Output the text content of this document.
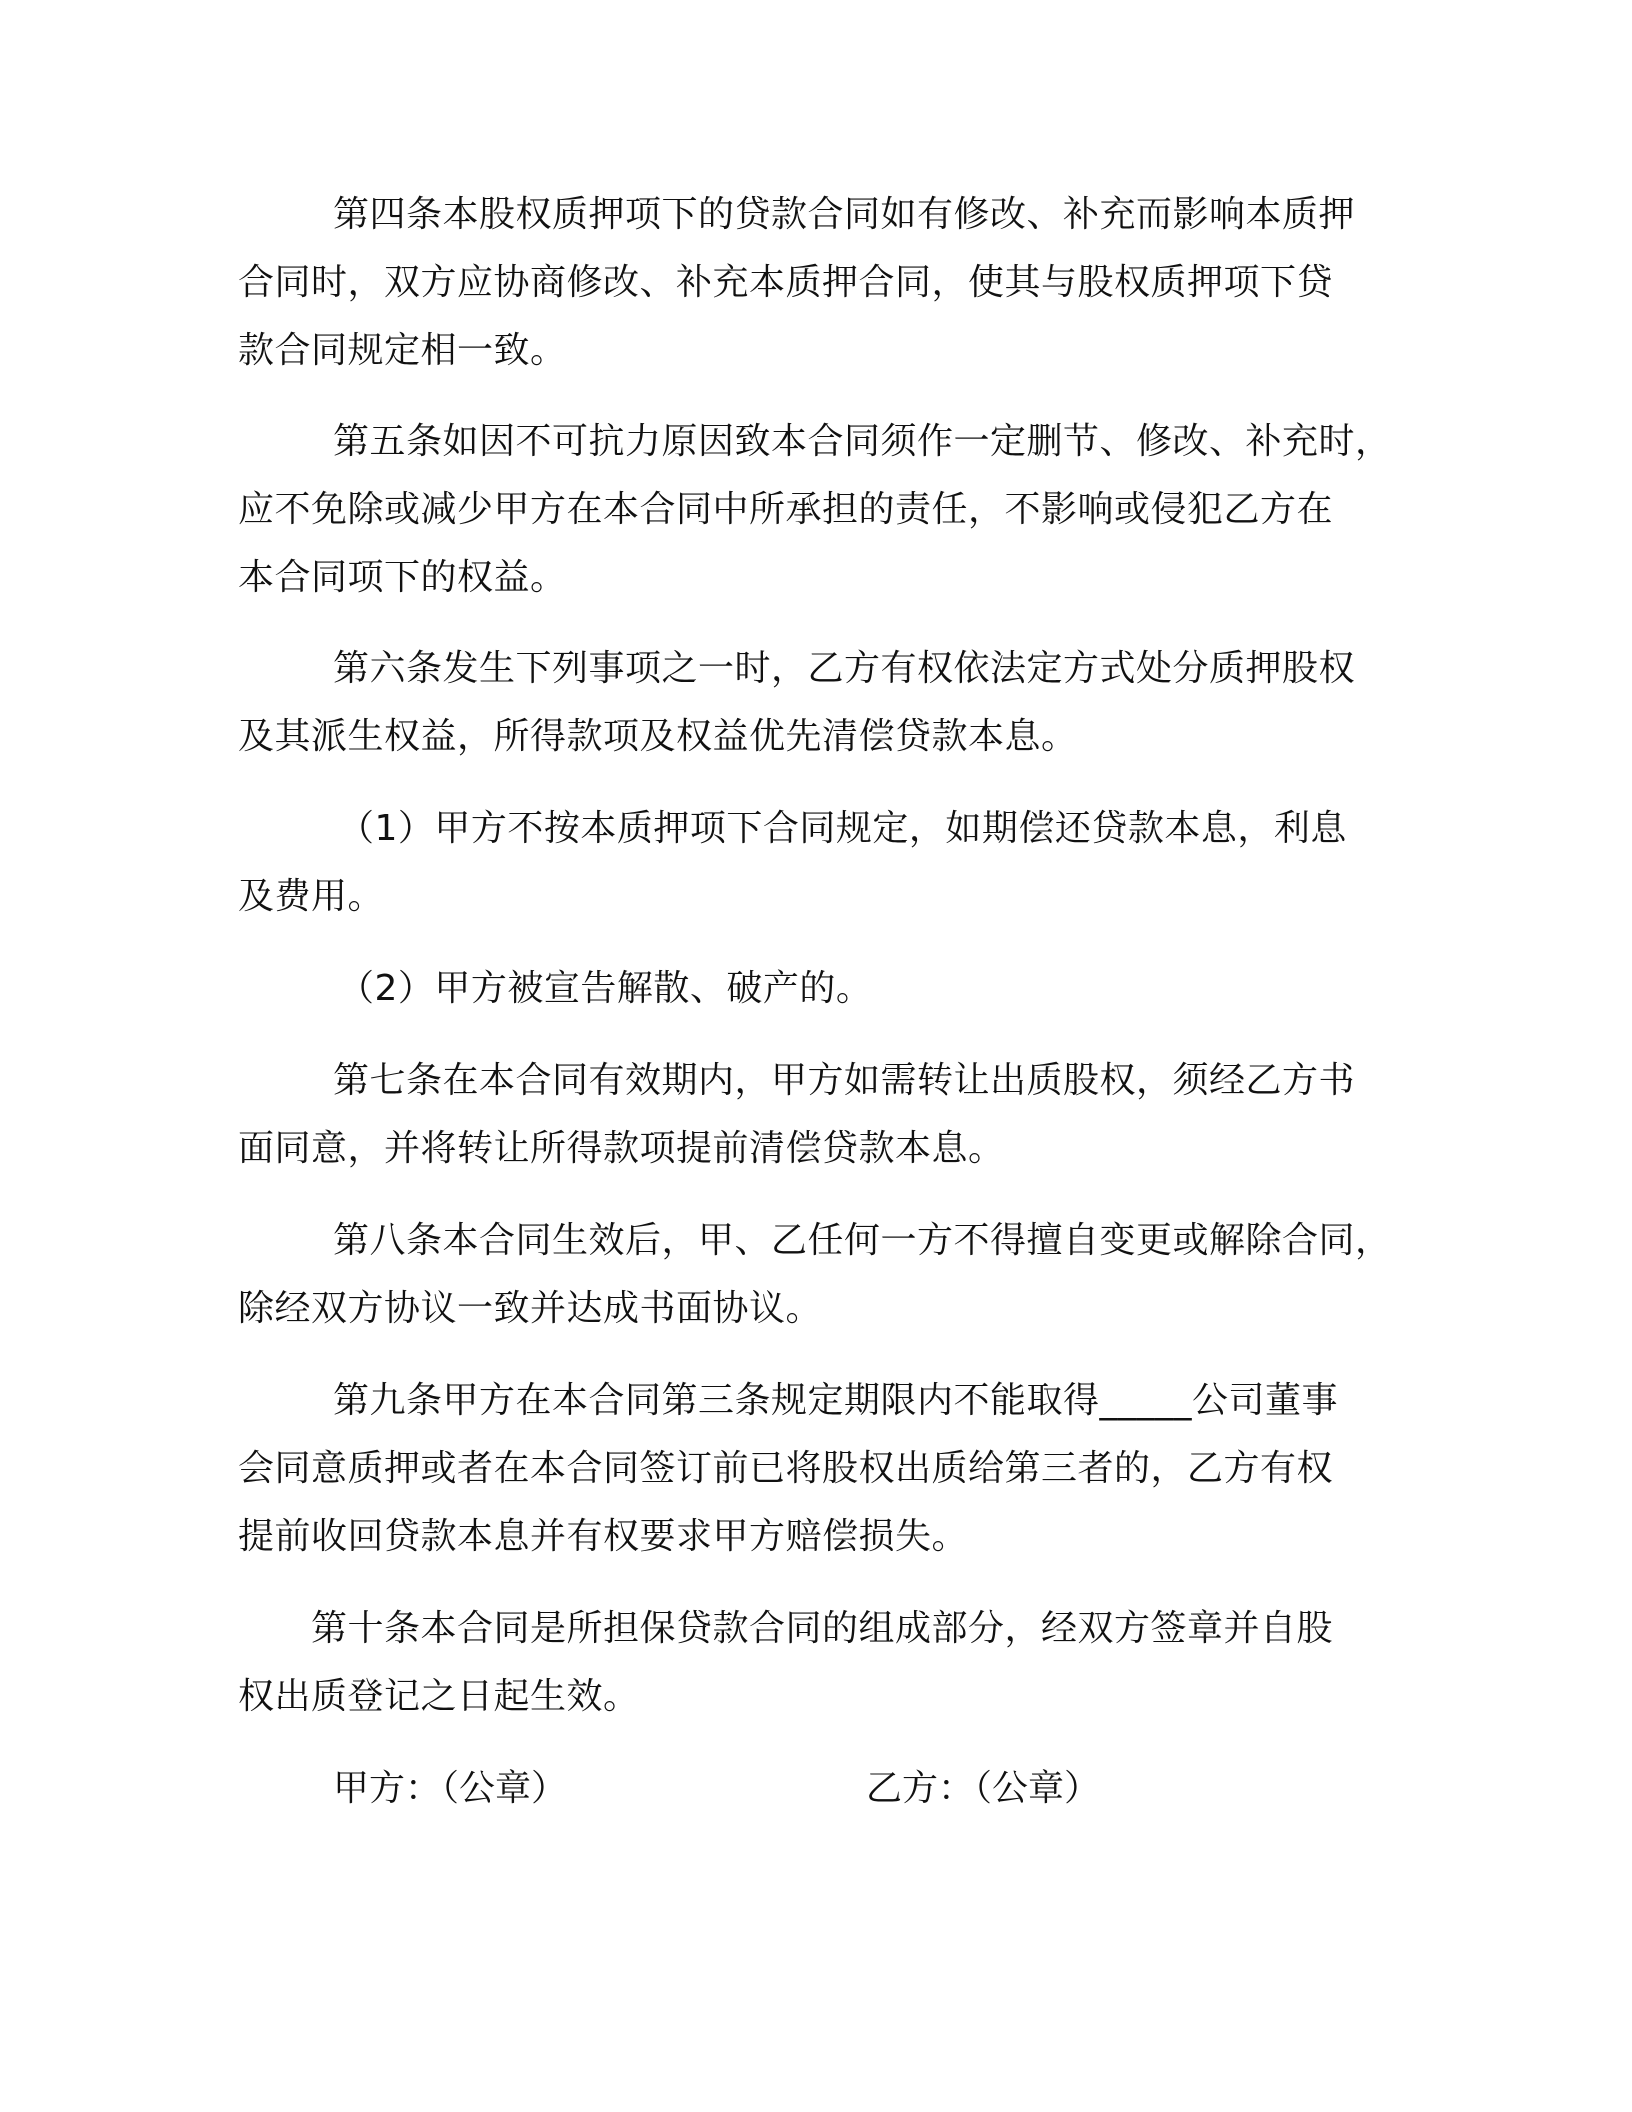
第四条本股权质押项下的贷款合同如有修改、补充而影响本质押

合同时，双方应协商修改、补充本质押合同，使其与股权质押项下贷

款合同规定相一致。

第五条如因不可抗力原因致本合同须作一定删节、修改、补充时，

应不免除或减少甲方在本合同中所承担的责任，不影响或侵犯乙方在

本合同项下的权益。

第六条发生下列事项之一时，乙方有权依法定方式处分质押股权

及其派生权益，所得款项及权益优先清偿贷款本息。

（1）甲方不按本质押项下合同规定，如期偿还贷款本息，利息

及费用。

（2）甲方被宣告解散、破产的。

第七条在本合同有效期内，甲方如需转让出质股权，须经乙方书

面同意，并将转让所得款项提前清偿贷款本息。

第八条本合同生效后，甲、乙任何一方不得擅自变更或解除合同，

除经双方协议一致并达成书面协议。

第九条甲方在本合同第三条规定期限内不能取得_____公司董事

会同意质押或者在本合同签订前已将股权出质给第三者的，乙方有权

提前收回贷款本息并有权要求甲方赔偿损失。

第十条本合同是所担保贷款合同的组成部分，经双方签章并自股

权出质登记之日起生效。

甲方：（公章）	乙方：（公章）
